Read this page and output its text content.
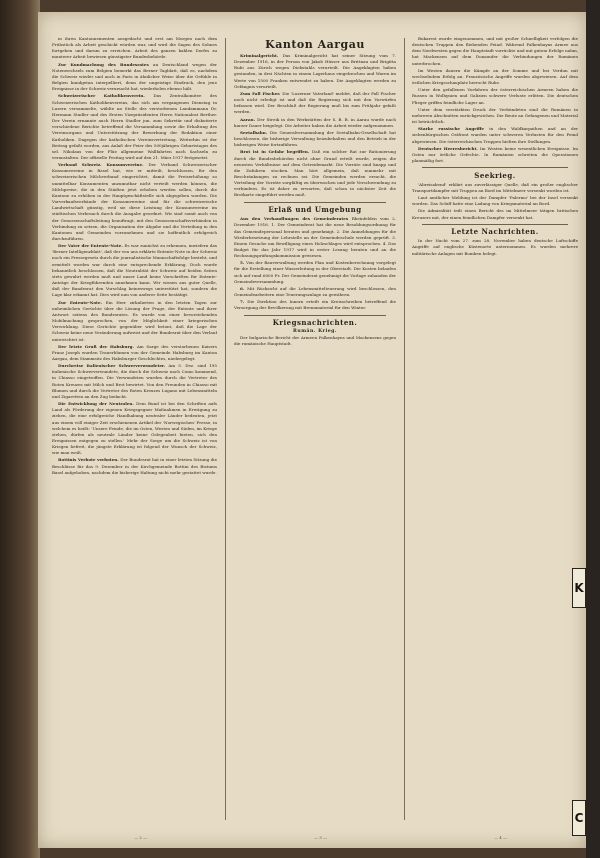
in ihren Kantonnementen ausgedacht und erst am Morgen nach dem Frühstück als Arbeit geschickt würden war, und wird die Sagen des Sohnes fortgehen und darum zu erreichen. Arbeit des ganzen kahlen Dorfes zu munterer Arbeit bewiesen günstigster Bundesbehörde.

Zur Kundmachung des Bundesrates an Deutschland wegen der Notenwechsels zum Belgien bemerkt das Berner Tagblatt, daß es, nachdem die Schweiz wieder und auch in Paris in ähnlicher Weise über die Gefühle in Belgien kundgetan interpelliert, denn der ungeistige Eindruck, den jene Ereignisse in der Schweiz verursacht hat, wiederholen ebenso hält.

Schweizerischer Katholikenverein. Das Zentralkomitee des Schweizerischen Katholikenvereins, das sich am vergangenen Dienstag in Luzern versammelte, wählte an Stelle des verstorbenen Landammann Dr. Hermann Stadler und des Ersten Vizepräsidenten Herrn Nationalrat Berther. Der Verein ernannte auch Herrn Stadler jun. zum Sekretär und diskutierte verschiedene Berichte betreffend die Versammlung sowie die Erhaltung des Vereinsorgans und Unterstützung der Bewerbung der Redaktion einer Katholiken. Dagegen der katholischen Vereinsvertretung. Weiterhin ist der Beitrag gefaßt worden, aus Anlaß der Feier des 500jährigen Geburtstages des sel. Nikolaus von der Flüe allgemeine Wallfahrten nach Sachseln zu veranstalten. Der offizielle Festtag wird auf den 21. März 1917 festgesetzt.

Verband Schweiz. Konsumvereine. Der Verband Schweizerischer Konsumvereine in Basel hat, wie er mitteilt, beschlossen, für den schweizerischen Milchverband eingerichtet, damit die Preiserhöhung so unmittelbar Konsumenten unzumutbar nicht verteilt werden können, die Milchpreise, die in den Städten jetzt erhoben werden sollen, durch die Kantone zu erhöhen in der Hauptgeschäftstelle sich abgegeben worden. Die Vorverkaufsverbände der Konsumvereine sind für die schweizerische Landwirtschaft günstig, weil sie diese Leistung der Konsumvereine im städtischen Verbrauch durch die Ausgabe geordnet. Wir sind somit auch von der Genossenschaftsleitung beauftragt, mit den Genossenschaftsverbänden in Verbindung zu setzen, die Organisation der Abgabe und die Verteilung in den Kantonen und Gemeinden vorzunehmen und sie hoffentlich erfolgreich durchzuführen.

Der Vater der Entente-Note. Es war zunächst zu erkennen, inwiefern das 'Berner Intelligenzblatt', daß der von uns erklärte Entente-Note in der Schweiz noch ein Pressegesetz durch die journalistische Mannschaftsfolge besteht, und ermittelt worden war durch eine entsprechende Erklärung. Doch wurde bekanntlich beschlossen, daß die Neutralität der Schweiz auf beiden Seiten stets gewahrt werden muß und unser Land keine Vorschriften für Entente-Anträge der Kriegführenden annehmen kann. Wir wissen aus guter Quelle, daß der Bundesrat den Vorschlag keineswegs unterstützt hat, sondern die Lage klar erkannt hat. Dies wird nun von anderer Seite bestätigt.

Zur Entente-Note. Ein Herr zirkulierten in den letzten Tagen zur unheimlichen Gerüchte über die Lösung der Frage, der Entente und ihrer Antwort seitens des Bundesrates. Es wurde von einer bevorstehenden Mobilmachung gesprochen, von der Möglichkeit einer kriegerischen Verwicklung. Diese Gerüchte gegenüber wird betont, daß die Lage der Schweiz keine neue Veränderung aufweist und der Bundesrat über den Verlauf unterrichtet ist.

Der letzte Gruß der Habsburg. Am Sarge des verstorbenen Kaisers Franz Joseph wurden Trauerblumen von der Gemeinde Habsburg im Kanton Aargau, dem Stammsitz des Habsburger Geschlechtes, niedergelegt.

Durchreise italienischer Schwerverwundeter. Am 5. Dez. sind 195 italienische Schwerverwundete, die durch die Schweiz nach Como kommend, in Chiasso eingetroffen. Die Verwundeten wurden durch die Vertreter des Roten Kreuzes mit Milch und Brot bewirtet. Von den Freunden in Chiasso mit Blumen und durch die Vertreter des Roten Kreuzes Lugano mit Lebensmitteln und Zigaretten an den Zug bedacht.

Die Entwicklung der Neutralen. Dem Bund ist bei den Schriften aufs Land als Förderung der eigenen Kriegsgegner Maßnahmen in Erwägung zu ziehen, die eine erfolgreiche Handhabung neutraler Länder bedeuten, jetzt aus einem voll einiger Zeit erschienenen Artikel der 'Norwegischen' Presse, in welchem es heißt: 'Unsere Feinde, die im Osten, Westen und Süden, im Kriege stehen, dürfen als neutrale Länder keine Gelegenheit bieten, sich den Ereignissen entgegen zu stellen.' Mehr der Sorge um die Schweiz ist von Kriegen befreit, die jüngste Erklärung ist folgend der Wunsch der Schweiz, wie man weiß.

Bottinis Verbote verboten. Der Bundesrat hat in einer letzten Sitzung die Beschlüsse für das 9. Dezember in der Kirchgemeinde Bottini des Bistums Basel aufgehoben, nachdem die bisherige Haltung nicht mehr gestattet wurde.

Kanton Aargau

Kriminalgericht. Das Kriminalgericht hat seiner Sitzung vom 7. Dezember 1916, in der Person von Jakob Hüsser aus Brittnau und Brigitta Rubi aus Zürich wegen Diebstahls verurteilt. Die Angeklagten haben gestanden, in drei Nächten in einem Lagerhaus eingebrochen und Waren im Werte von 1500 Franken entwendet zu haben. Die Angeklagten werden zu Gefängnis verurteilt.

Zum Fall Fischer. Die 'Luzerner Vaterland' meldet, daß der Fall Fischer noch nicht erledigt ist und daß die Regierung sich mit den Vorwürfen befassen wird. Der Beschluß der Regierung muß bis zum Frühjahr gefaßt werden.

Aarau. Der Streik in den Werkstätten der S. B. B. in Aarau wurde nach kurzer Dauer beigelegt. Die Arbeiter haben die Arbeit wieder aufgenommen.

Seetalbahn. Die Generalversammlung der Seetalbahn-Gesellschaft hat beschlossen, die bisherige Verwaltung beizubehalten und den Betrieb in der bisherigen Weise fortzuführen.

Brot ist in Gefahr begriffen. Daß ein solcher Rat zur Rationierung durch die Bundesbehörden nicht ohne Grund erteilt wurde, zeigen die neuesten Verhältnisse auf dem Getreidemarkt. Die Vorräte sind knapp und die Zufuhren stocken. Man hört allgemein, daß nunmehr mit Beschränkungen zu rechnen sei. Die Gemeinden werden ersucht, die Verteilung der Vorräte sorgfältig zu überwachen und jede Verschwendung zu verhindern. Es ist daher zu erwarten, daß schon in nächster Zeit die Brotkarte eingeführt werden muß.

Erlaß und Umgebung

Aus den Verhandlungen des Gemeinderates Rheinfelden vom 2. Dezember 1916. 1. Der Gemeinderat hat die neue Besoldungsordnung für das Gemeindepersonal beraten und genehmigt. 2. Die Anmeldungen für die Wiederbesetzung der Lehrstelle an der Gemeindeschule werden geprüft. 3. Einem Gesuche um Bewilligung eines Holzschlages wird entsprochen. 4. Das Budget für das Jahr 1917 wird in erster Lesung beraten und an die Rechnungsprüfungskommission gewiesen.

5. Von der Bauverwaltung werden Plan und Kostenberechnung vorgelegt für die Erstellung einer Wasserleitung in der Oberstadt. Die Kosten belaufen sich auf rund 6000 Fr. Der Gemeinderat genehmigt die Vorlage zuhanden der Gemeindeversammlung.

6. Mit Rücksicht auf die Lebensmittelteuerung wird beschlossen, den Gemeindearbeitern eine Teuerungszulage zu gewähren.

7. Die Direktion des Innern erteilt ein Kreisschreiben betreffend die Versorgung der Bevölkerung mit Brennmaterial für den Winter.

Kriegsnachrichten.
Rumän. Krieg.

Der bulgarische Bericht der Armeen Falkenhayns und Mackensens gegen die rumänische Hauptstadt.

Bukarest wurde eingenommen, und mit großer Schnelligkeit verfolgen die deutschen Truppen den fliehenden Feind. Während Falkenhayns Armee aus dem Nordwesten gegen die Hauptstadt vorrückte und mit gutem Erfolge nahm, hat Mackensen auf dem Donauufer die Verbindungen der Rumänen unterbrochen.

Im Westen dauern die Kämpfe an der Somme und bei Verdun mit wechselndem Erfolg an. Französische Angriffe wurden abgewiesen. Auf dem östlichen Kriegsschauplatz herrscht Ruhe.

Unter den gefallenen Vorfahren der österreichischen Armeen haben die Russen in Wolhynien und Galizien schwere Verluste erlitten. Die deutschen Flieger griffen feindliche Lager an.

Unter dem verstärkten Druck der Verbündeten sind die Rumänen in mehreren Abschnitten zurückgewichen. Die Beute an Gefangenen und Material ist beträchtlich.

Starke russische Angriffe in den Waldkarpathen und an der siebenbürgischen Ostfront wurden unter schweren Verlusten für den Feind abgewiesen. Die österreichischen Truppen hielten ihre Stellungen.

Deutscher Heeresbericht. Im Westen keine wesentlichen Ereignisse. Im Osten nur örtliche Gefechte. In Rumänien schreiten die Operationen planmäßig fort.

Seekrieg.

'Abreisabend' erklärt aus zuverlässiger Quelle, daß ein großer englischer Transportdampfer mit Truppen an Bord im Mittelmeer versenkt worden ist.

Laut amtlicher Meldung ist der Dampfer 'Palermo' bei der Insel versenkt worden. Das Schiff hatte eine Ladung von Kriegsmaterial an Bord.

Die Admiralität teilt einen Bericht des im Mittelmeer tätigen britischen Kreuzers mit, der einen feindlichen Dampfer versenkt hat.

Letzte Nachrichten.

In der Nacht vom 27. zum 28. November haben deutsche Luftschiffe Angriffe auf englische Küstenorte unternommen. Es wurden mehrere militärische Anlagen mit Bomben belegt.

— 2 —	— 3 —	— 4 —
K
C
